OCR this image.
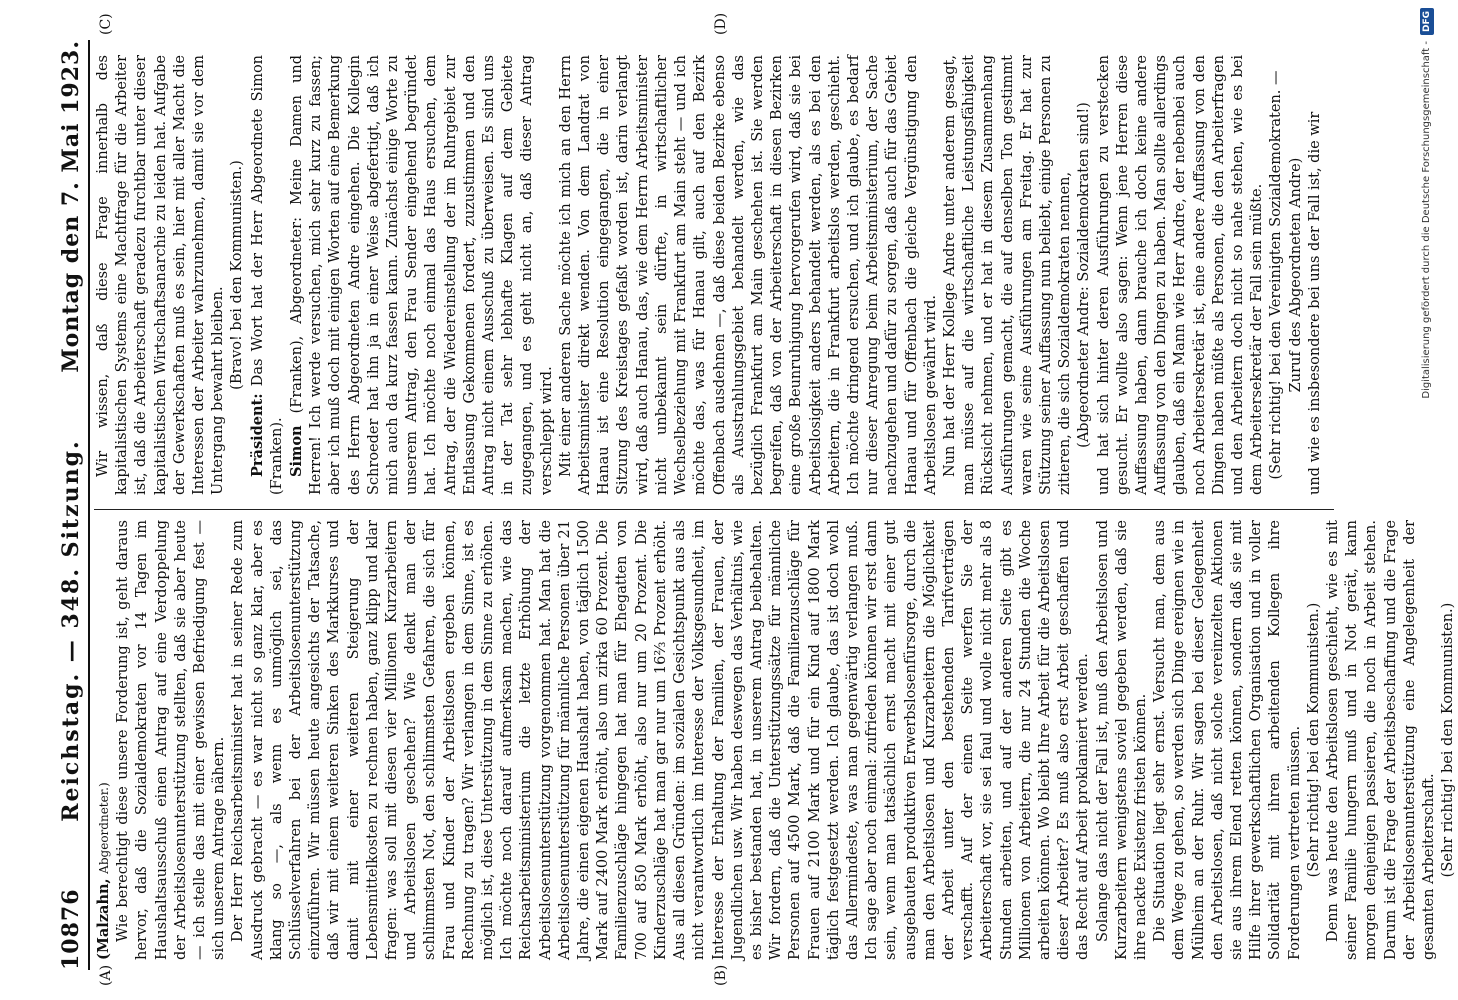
10876
Reichstag. — 348. Sitzung.
Montag den 7. Mai 1923.
(A)	(B)
(C)	(D)

(Malzahn, Abgeordneter.) Wie berechtigt diese unsere Forderung ist, geht daraus hervor, daß die Sozialdemokraten vor 14 Tagen im Haushaltsausschuß einen Antrag auf eine Verdoppelung der Arbeitslosenunterstützung stellten, daß sie aber heute — ich stelle das mit einer gewissen Befriedigung fest — sich unserem Antrage nähern. Der Herr Reichsarbeitsminister hat in seiner Rede zum Ausdruck gebracht — es war nicht so ganz klar, aber es klang so —, als wenn es unmöglich sei, das Schlüsselverfahren bei der Arbeitslosenunterstützung einzuführen. Wir müssen heute angesichts der Tatsache, daß wir mit einem weiteren Sinken des Markkurses und damit mit einer weiteren Steigerung der Lebensmittelkosten zu rechnen haben, ganz klipp und klar fragen: was soll mit diesen vier Millionen Kurzarbeitern und Arbeitslosen geschehen? Wie denkt man der schlimmsten Not, den schlimmsten Gefahren, die sich für Frau und Kinder der Arbeitslosen ergeben können, Rechnung zu tragen? Wir verlangen in dem Sinne, ist es möglich ist, diese Unterstützung in dem Sinne zu erhöhen. Ich möchte noch darauf aufmerksam machen, wie das Reichsarbeitsministerium die letzte Erhöhung der Arbeitslosenunterstützung vorgenommen hat. Man hat die Arbeitslosenunterstützung für männliche Personen über 21 Jahre, die einen eigenen Haushalt haben, von täglich 1500 Mark auf 2400 Mark erhöht, also um zirka 60 Prozent. Die Familienzuschläge hingegen hat man für Ehegatten von 700 auf 850 Mark erhöht, also nur um 20 Prozent. Die Kinderzuschläge hat man gar nur um 16⅔ Prozent erhöht. Aus all diesen Gründen: im sozialen Gesichtspunkt aus als nicht verantwortlich im Interesse der Volksgesundheit, im Interesse der Erhaltung der Familien, der Frauen, der Jugendlichen usw. Wir haben deswegen das Verhältnis, wie es bisher bestanden hat, in unserem Antrag beibehalten. Wir fordern, daß die Unterstützungssätze für männliche Personen auf 4500 Mark, daß die Familienzuschläge für Frauen auf 2100 Mark und für ein Kind auf 1800 Mark täglich festgesetzt werden. Ich glaube, das ist doch wohl das Allermindeste, was man gegenwärtig verlangen muß. Ich sage aber noch einmal: zufrieden können wir erst dann sein, wenn man tatsächlich ernst macht mit einer gut ausgebauten produktiven Erwerbslosenfürsorge, durch die man den Arbeitslosen und Kurzarbeitern die Möglichkeit der Arbeit unter den bestehenden Tarifverträgen verschafft. Auf der einen Seite werfen Sie der Arbeiterschaft vor, sie sei faul und wolle nicht mehr als 8 Stunden arbeiten, und auf der anderen Seite gibt es Millionen von Arbeitern, die nur 24 Stunden die Woche arbeiten können. Wo bleibt Ihre Arbeit für die Arbeitslosen dieser Arbeiter? Es muß also erst Arbeit geschaffen und das Recht auf Arbeit proklamiert werden. Solange das nicht der Fall ist, muß den Arbeitslosen und Kurzarbeitern wenigstens soviel gegeben werden, daß sie ihre nackte Existenz fristen können. Die Situation liegt sehr ernst. Versucht man, dem aus dem Wege zu gehen, so werden sich Dinge ereignen wie in Mülheim an der Ruhr. Wir sagen bei dieser Gelegenheit den Arbeitslosen, daß nicht solche vereinzelten Aktionen sie aus ihrem Elend retten können, sondern daß sie mit Hilfe ihrer gewerkschaftlichen Organisation und in voller Solidarität mit ihren arbeitenden Kollegen ihre Forderungen vertreten müssen. (Sehr richtig! bei den Kommunisten.) Denn was heute den Arbeitslosen geschieht, wie es mit seiner Familie hungern muß und in Not gerät, kann morgen denjenigen passieren, die noch in Arbeit stehen. Darum ist die Frage der Arbeitsbeschaffung und die Frage der Arbeitslosenunterstützung eine Angelegenheit der gesamten Arbeiterschaft. (Sehr richtig! bei den Kommunisten.)

Wir wissen, daß diese Frage innerhalb des kapitalistischen Systems eine Machtfrage für die Arbeiter ist, daß die Arbeiterschaft geradezu furchtbar unter dieser kapitalistischen Wirtschaftsanarchie zu leiden hat. Aufgabe der Gewerkschaften muß es sein, hier mit aller Macht die Interessen der Arbeiter wahrzunehmen, damit sie vor dem Untergang bewahrt bleiben.

(Bravo! bei den Kommunisten.)

Präsident: Das Wort hat der Herr Abgeordnete Simon (Franken). Simon (Franken), Abgeordneter: Meine Damen und Herren! Ich werde versuchen, mich sehr kurz zu fassen; aber ich muß doch mit einigen Worten auf eine Bemerkung des Herrn Abgeordneten Andre eingehen. Die Kollegin Schroeder hat ihn ja in einer Weise abgefertigt, daß ich mich auch da kurz fassen kann. Zunächst einige Worte zu unserem Antrag, den Frau Sender eingehend begründet hat. Ich möchte noch einmal das Haus ersuchen, dem Antrag, der die Wiedereinstellung der im Ruhrgebiet zur Entlassung Gekommenen fordert, zuzustimmen und den Antrag nicht einem Ausschuß zu überweisen. Es sind uns in der Tat sehr lebhafte Klagen auf dem Gebiete zugegangen, und es geht nicht an, daß dieser Antrag verschleppt wird. Mit einer anderen Sache möchte ich mich an den Herrn Arbeitsminister direkt wenden. Von dem Landrat von Hanau ist eine Resolution eingegangen, die in einer Sitzung des Kreistages gefaßt worden ist, darin verlangt wird, daß auch Hanau, das, wie dem Herrn Arbeitsminister nicht unbekannt sein dürfte, in wirtschaftlicher Wechselbeziehung mit Frankfurt am Main steht — und ich möchte das, was für Hanau gilt, auch auf den Bezirk Offenbach ausdehnen —, daß diese beiden Bezirke ebenso als Ausstrahlungsgebiet behandelt werden, wie das bezüglich Frankfurt am Main geschehen ist. Sie werden begreifen, daß von der Arbeiterschaft in diesen Bezirken eine große Beunruhigung hervorgerufen wird, daß sie bei Arbeitslosigkeit anders behandelt werden, als es bei den Arbeitern, die in Frankfurt arbeitslos werden, geschieht. Ich möchte dringend ersuchen, und ich glaube, es bedarf nur dieser Anregung beim Arbeitsministerium, der Sache nachzugehen und dafür zu sorgen, daß auch für das Gebiet Hanau und für Offenbach die gleiche Vergünstigung den Arbeitslosen gewährt wird. Nun hat der Herr Kollege Andre unter anderem gesagt, man müsse auf die wirtschaftliche Leistungsfähigkeit Rücksicht nehmen, und er hat in diesem Zusammenhang Ausführungen gemacht, die auf denselben Ton gestimmt waren wie seine Ausführungen am Freitag. Er hat zur Stützung seiner Auffassung nun beliebt, einige Personen zu zitieren, die sich Sozialdemokraten nennen, (Abgeordneter Andre: Sozialdemokraten sind!) und hat sich hinter deren Ausführungen zu verstecken gesucht. Er wollte also sagen: Wenn jene Herren diese Auffassung haben, dann brauche ich doch keine andere Auffassung von den Dingen zu haben. Man sollte allerdings glauben, daß ein Mann wie Herr Andre, der nebenbei auch noch Arbeitersekretär ist, eine andere Auffassung von den Dingen haben müßte als Personen, die den Arbeiterfragen und den Arbeitern doch nicht so nahe stehen, wie es bei dem Arbeitersekretär der Fall sein müßte. (Sehr richtig! bei den Vereinigten Sozialdemokraten. — Zuruf des Abgeordneten Andre) und wie es insbesondere bei uns der Fall ist, die wir	Digitalisierung gefördert durch die Deutsche Forschungsgemeinschaft -
DFG
